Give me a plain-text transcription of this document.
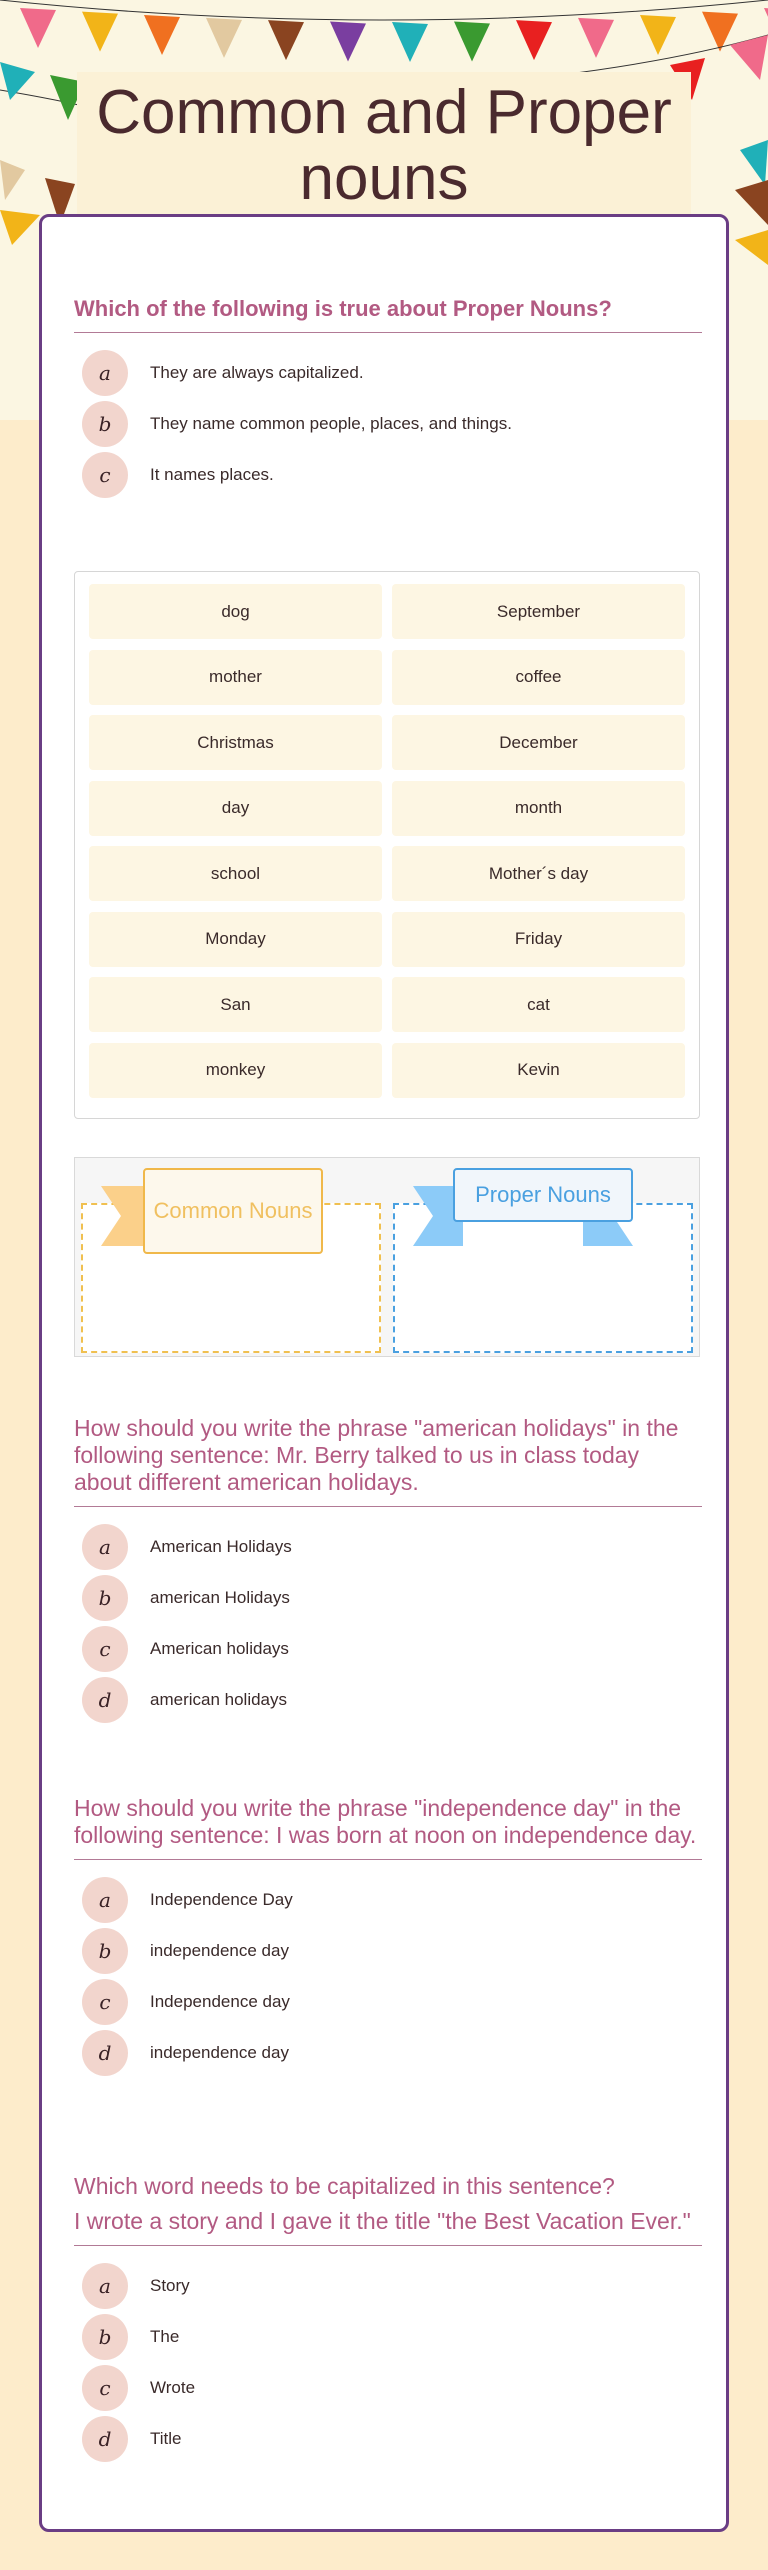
Common and Proper nouns
Which of the following is true about Proper Nouns?
a	They are always capitalized.
b	They name common people, places, and things.
c	It names places.
dog	September
mother	coffee
Christmas	December
day	month
school	Mother´s day
Monday	Friday
San	cat
monkey	Kevin
Common Nouns
Proper Nouns
How should you write the phrase "american holidays" in the following sentence: Mr. Berry talked to us in class today about different american holidays.
a	American Holidays
b	american Holidays
c	American holidays
d	american holidays
How should you write the phrase "independence day" in the following sentence: I was born at noon on independence day.
a	Independence Day
b	independence day
c	Independence day
d	independence day
Which word needs to be capitalized in this sentence?
I wrote a story and I gave it the title "the Best Vacation Ever."
a	Story
b	The
c	Wrote
d	Title
